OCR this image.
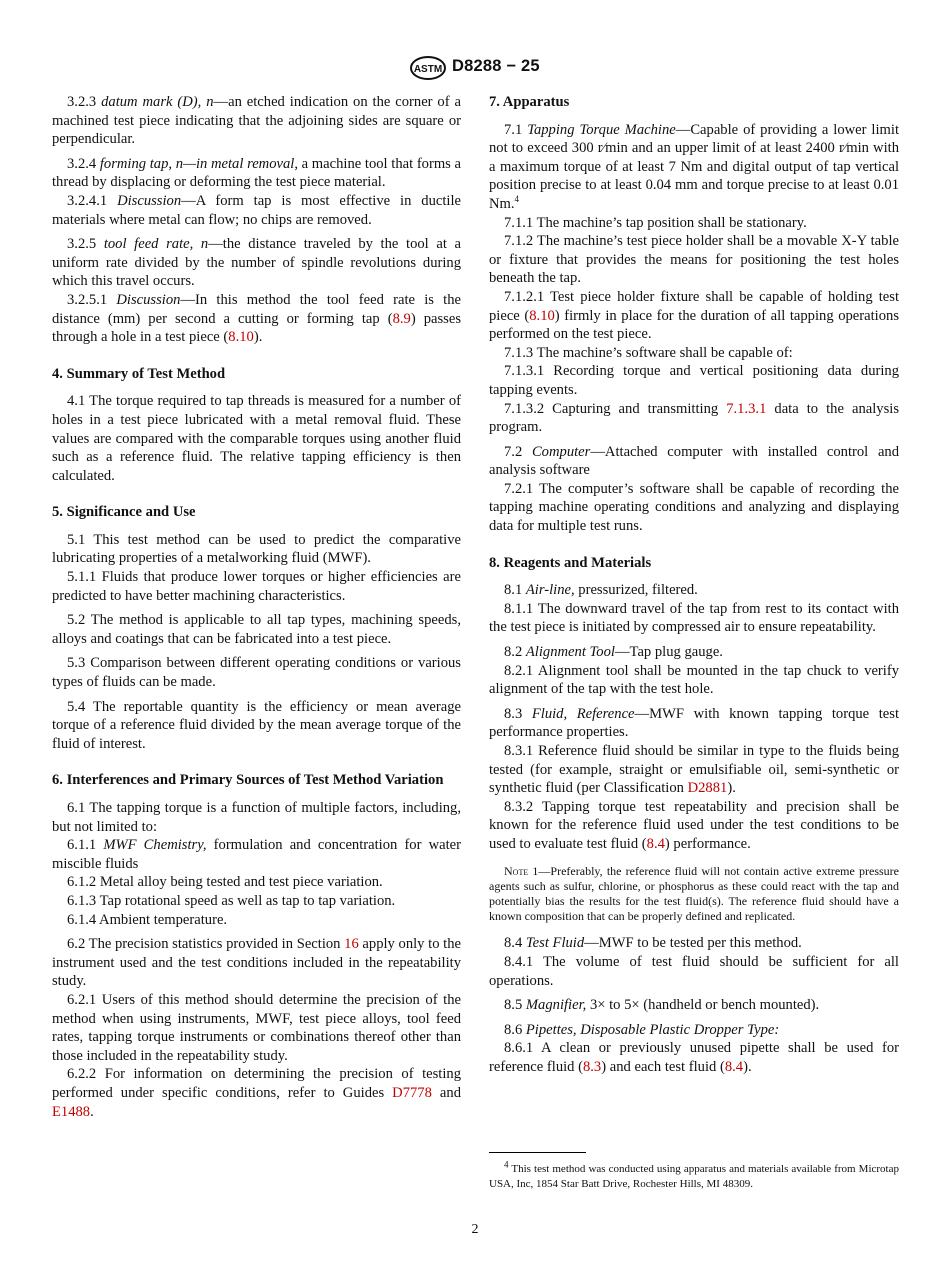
ASTM D8288 − 25

3.2.3 datum mark (D), n—an etched indication on the corner of a machined test piece indicating that the adjoining sides are square or perpendicular.

3.2.4 forming tap, n—in metal removal, a machine tool that forms a thread by displacing or deforming the test piece material.

3.2.4.1 Discussion—A form tap is most effective in ductile materials where metal can flow; no chips are removed.

3.2.5 tool feed rate, n—the distance traveled by the tool at a uniform rate divided by the number of spindle revolutions during which this travel occurs.

3.2.5.1 Discussion—In this method the tool feed rate is the distance (mm) per second a cutting or forming tap (8.9) passes through a hole in a test piece (8.10).

4. Summary of Test Method

4.1 The torque required to tap threads is measured for a number of holes in a test piece lubricated with a metal removal fluid. These values are compared with the comparable torques using another fluid such as a reference fluid. The relative tapping efficiency is then calculated.

5. Significance and Use

5.1 This test method can be used to predict the comparative lubricating properties of a metalworking fluid (MWF).

5.1.1 Fluids that produce lower torques or higher efficiencies are predicted to have better machining characteristics.

5.2 The method is applicable to all tap types, machining speeds, alloys and coatings that can be fabricated into a test piece.

5.3 Comparison between different operating conditions or various types of fluids can be made.

5.4 The reportable quantity is the efficiency or mean average torque of a reference fluid divided by the mean average torque of the fluid of interest.

6. Interferences and Primary Sources of Test Method Variation

6.1 The tapping torque is a function of multiple factors, including, but not limited to:

6.1.1 MWF Chemistry, formulation and concentration for water miscible fluids

6.1.2 Metal alloy being tested and test piece variation.

6.1.3 Tap rotational speed as well as tap to tap variation.

6.1.4 Ambient temperature.

6.2 The precision statistics provided in Section 16 apply only to the instrument used and the test conditions included in the repeatability study.

6.2.1 Users of this method should determine the precision of the method when using instruments, MWF, test piece alloys, tool feed rates, tapping torque instruments or combinations thereof other than those included in the repeatability study.

6.2.2 For information on determining the precision of testing performed under specific conditions, refer to Guides D7778 and E1488.

7. Apparatus

7.1 Tapping Torque Machine—Capable of providing a lower limit not to exceed 300 r⁄min and an upper limit of at least 2400 r⁄min with a maximum torque of at least 7 Nm and digital output of tap vertical position precise to at least 0.04 mm and torque precise to at least 0.01 Nm.$^4$

7.1.1 The machine’s tap position shall be stationary.

7.1.2 The machine’s test piece holder shall be a movable X-Y table or fixture that provides the means for positioning the test holes beneath the tap.

7.1.2.1 Test piece holder fixture shall be capable of holding test piece (8.10) firmly in place for the duration of all tapping operations performed on the test piece.

7.1.3 The machine’s software shall be capable of:

7.1.3.1 Recording torque and vertical positioning data during tapping events.

7.1.3.2 Capturing and transmitting 7.1.3.1 data to the analysis program.

7.2 Computer—Attached computer with installed control and analysis software

7.2.1 The computer’s software shall be capable of recording the tapping machine operating conditions and analyzing and displaying data for multiple test runs.

8. Reagents and Materials

8.1 Air-line, pressurized, filtered.

8.1.1 The downward travel of the tap from rest to its contact with the test piece is initiated by compressed air to ensure repeatability.

8.2 Alignment Tool—Tap plug gauge.

8.2.1 Alignment tool shall be mounted in the tap chuck to verify alignment of the tap with the test hole.

8.3 Fluid, Reference—MWF with known tapping torque test performance properties.

8.3.1 Reference fluid should be similar in type to the fluids being tested (for example, straight or emulsifiable oil, semi-synthetic or synthetic fluid (per Classification D2881).

8.3.2 Tapping torque test repeatability and precision shall be known for the reference fluid used under the test conditions to be used to evaluate test fluid (8.4) performance.

Note 1—Preferably, the reference fluid will not contain active extreme pressure agents such as sulfur, chlorine, or phosphorus as these could react with the tap and potentially bias the results for the test fluid(s). The reference fluid should have a known composition that can be properly defined and replicated.

8.4 Test Fluid—MWF to be tested per this method.

8.4.1 The volume of test fluid should be sufficient for all operations.

8.5 Magnifier, 3× to 5× (handheld or bench mounted).

8.6 Pipettes, Disposable Plastic Dropper Type:

8.6.1 A clean or previously unused pipette shall be used for reference fluid (8.3) and each test fluid (8.4).

$^4$ This test method was conducted using apparatus and materials available from Microtap USA, Inc, 1854 Star Batt Drive, Rochester Hills, MI 48309.

2
